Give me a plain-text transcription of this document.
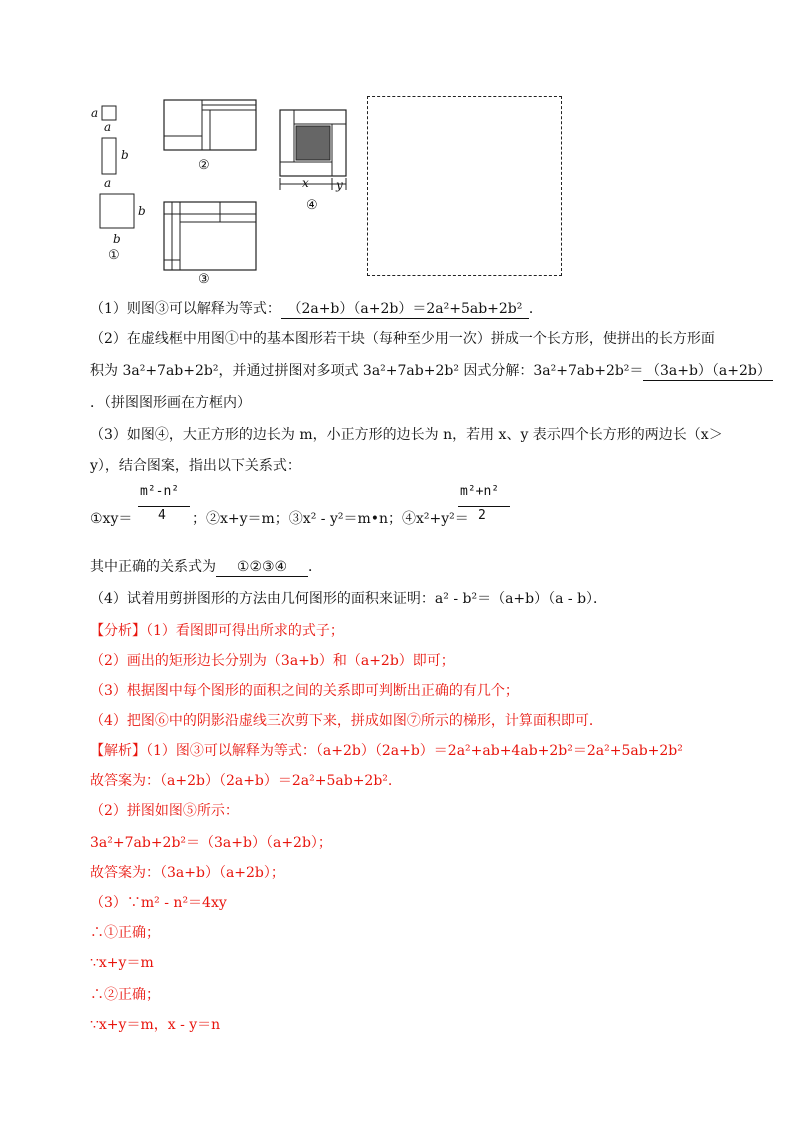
a
a
b
a
b
b
①
②
③
x y
④
（1）则图③可以解释为等式： （2a+b）（a+2b）＝2a²+5ab+2b² ．
（2）在虚线框中用图①中的基本图形若干块（每种至少用一次）拼成一个长方形，使拼出的长方形面
积为 3a²+7ab+2b²，并通过拼图对多项式 3a²+7ab+2b² 因式分解：3a²+7ab+2b²＝ （3a+b）（a+2b）
．（拼图图形画在方框内）
（3）如图④，大正方形的边长为 m，小正方形的边长为 n，若用 x、y 表示四个长方形的两边长（x＞
y），结合图案，指出以下关系式：
①xy＝
m²-n²
4 ；②x+y＝m；③x² - y²＝m•n；④x²+y²＝
m²+n²
2
其中正确的关系式为 ①②③④ ．
（4）试着用剪拼图形的方法由几何图形的面积来证明：a² - b²＝（a+b）（a - b）．
【分析】（1）看图即可得出所求的式子；
（2）画出的矩形边长分别为（3a+b）和（a+2b）即可；
（3）根据图中每个图形的面积之间的关系即可判断出正确的有几个；
（4）把图⑥中的阴影沿虚线三次剪下来，拼成如图⑦所示的梯形，计算面积即可．
【解析】（1）图③可以解释为等式：（a+2b）（2a+b）＝2a²+ab+4ab+2b²＝2a²+5ab+2b²
故答案为：（a+2b）（2a+b）＝2a²+5ab+2b².
（2）拼图如图⑤所示：
3a²+7ab+2b²＝（3a+b）（a+2b）；
故答案为：（3a+b）（a+2b）；
（3）∵m² - n²＝4xy
∴①正确；
∵x+y＝m
∴②正确；
∵x+y＝m，x - y＝n
